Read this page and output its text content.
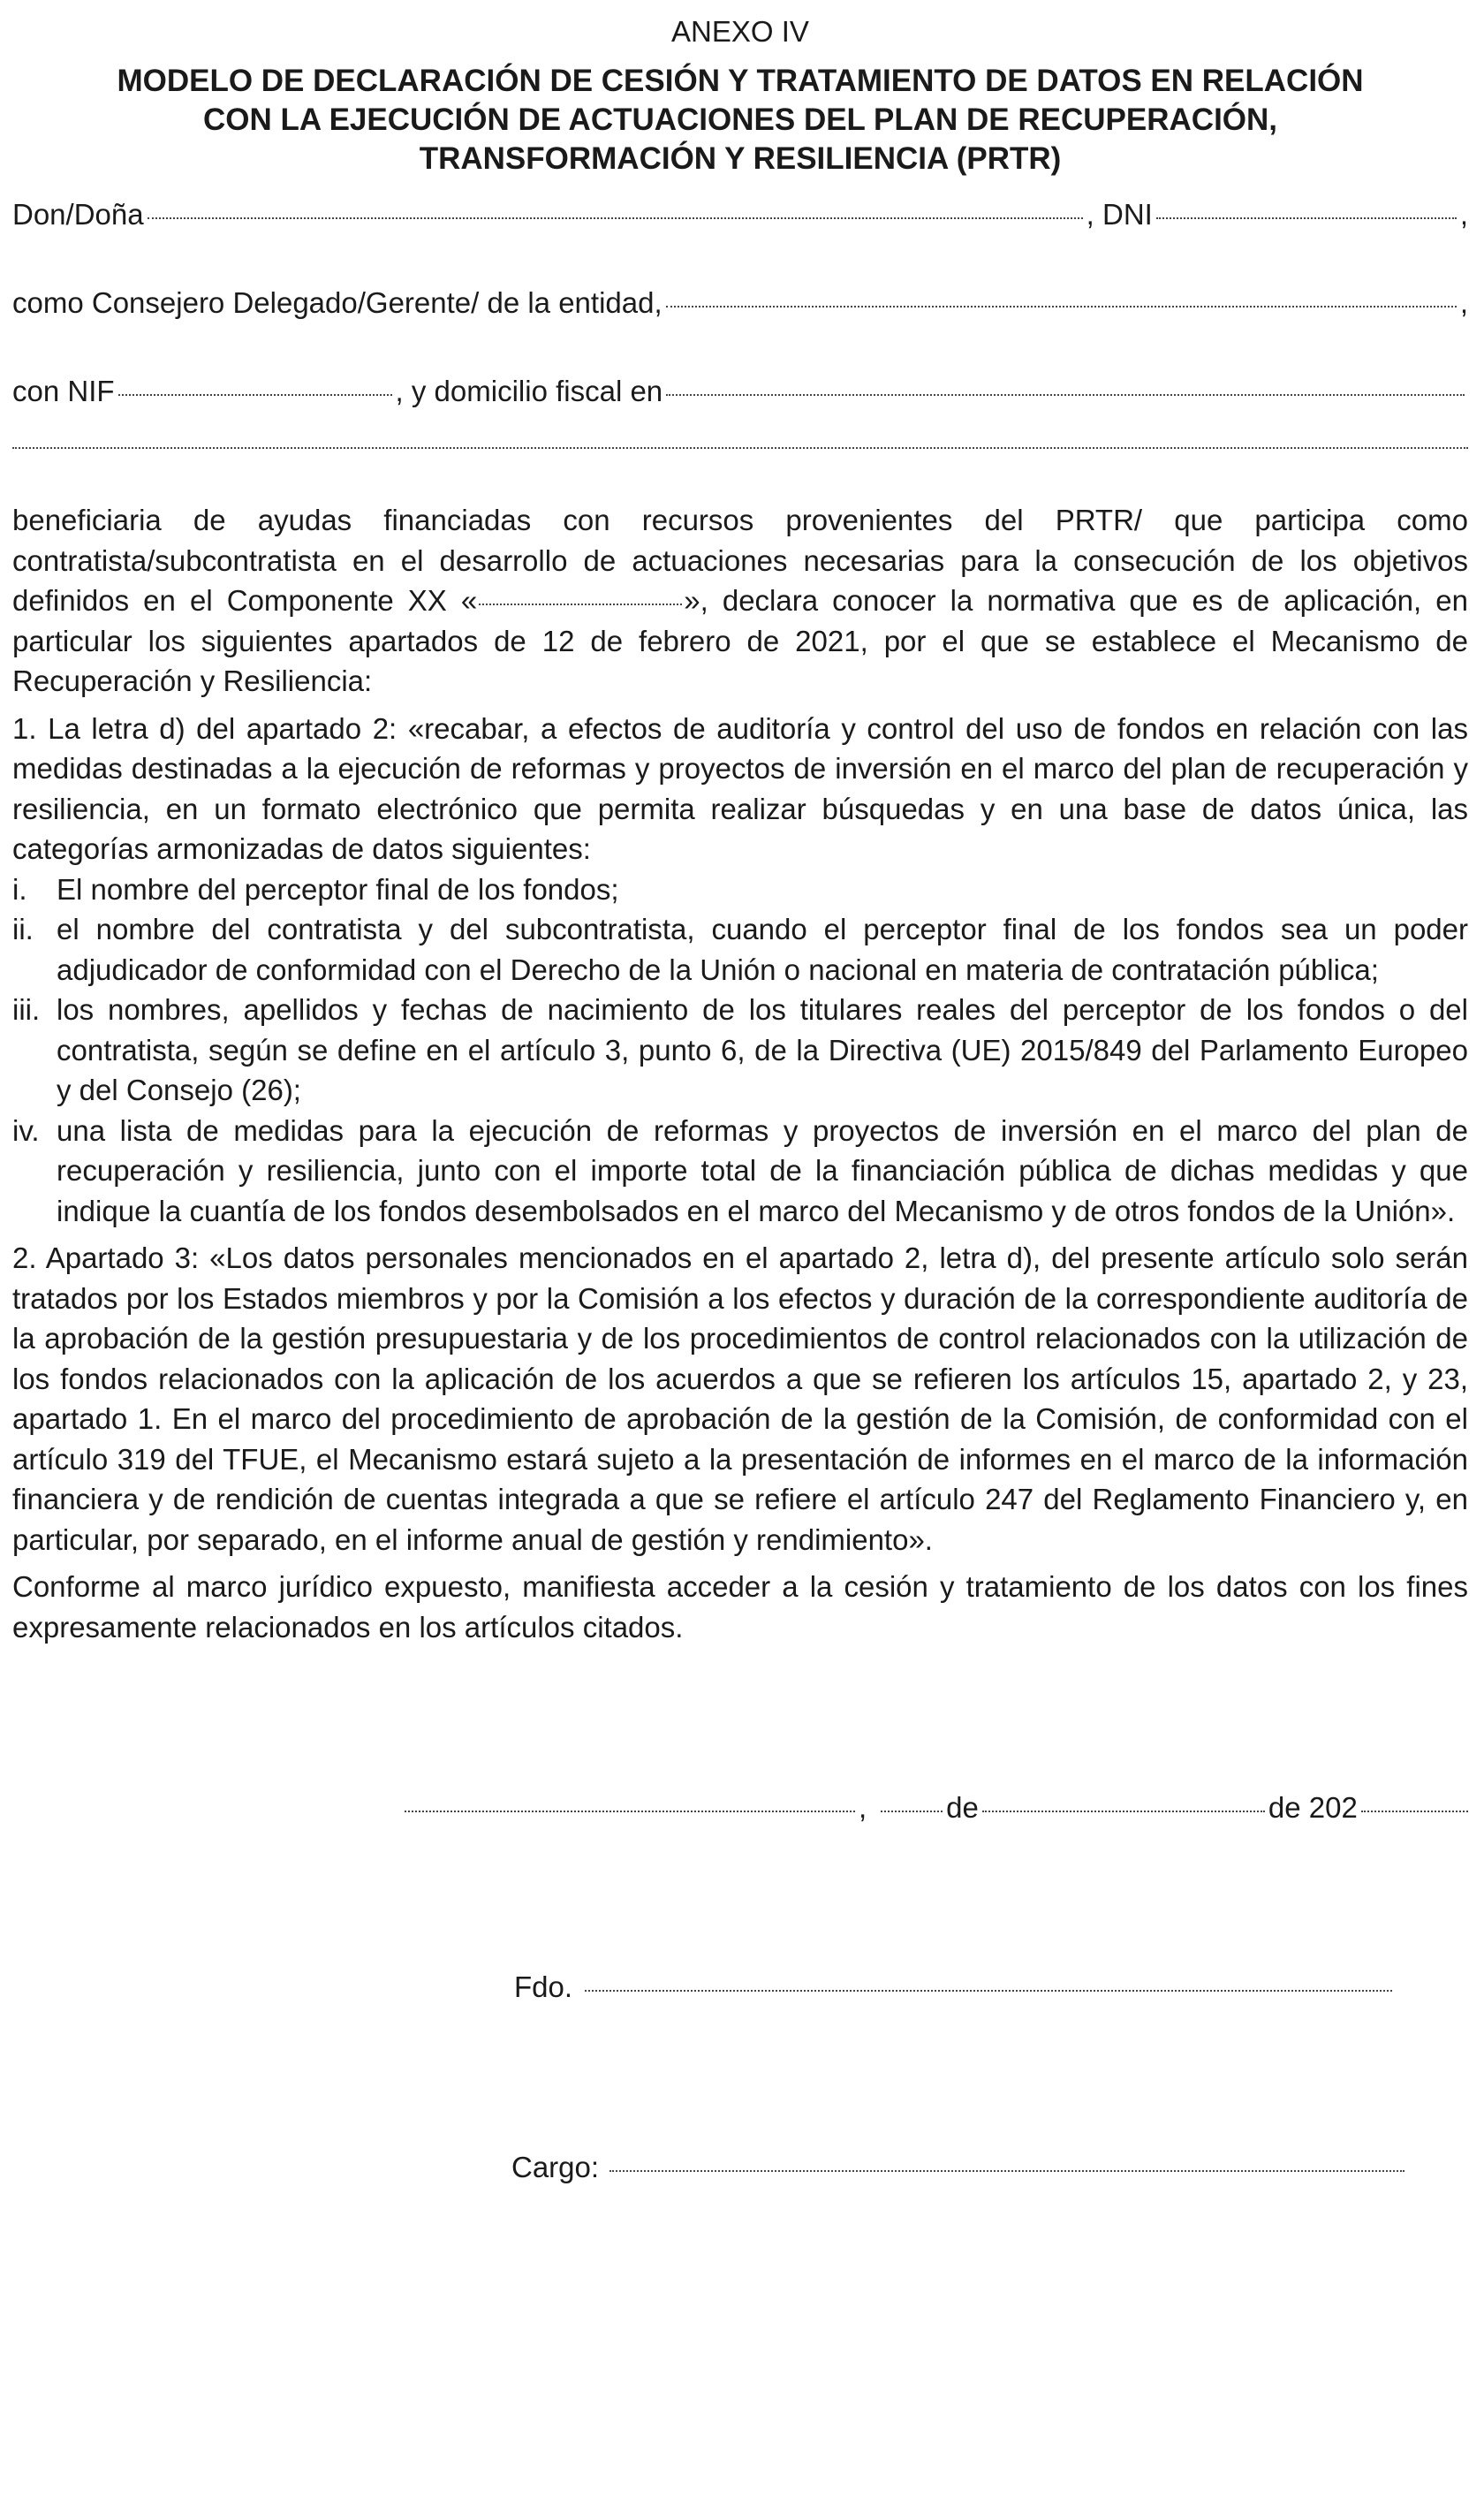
ANEXO IV
MODELO DE DECLARACIÓN DE CESIÓN Y TRATAMIENTO DE DATOS EN RELACIÓN
CON LA EJECUCIÓN DE ACTUACIONES DEL PLAN DE RECUPERACIÓN,
TRANSFORMACIÓN Y RESILIENCIA (PRTR)
Don/Doña	, DNI	,
como Consejero Delegado/Gerente/ de la entidad,	,
con NIF	, y domicilio fiscal en

beneficiaria de ayudas financiadas con recursos provenientes del PRTR/ que participa como contratista/subcontratista en el desarrollo de actuaciones necesarias para la consecución de los objetivos definidos en el Componente XX «	», declara conocer la normativa que es de aplicación, en particular los siguientes apartados de 12 de febrero de 2021, por el que se establece el Mecanismo de Recuperación y Resiliencia:

1. La letra d) del apartado 2: «recabar, a efectos de auditoría y control del uso de fondos en relación con las medidas destinadas a la ejecución de reformas y proyectos de inversión en el marco del plan de recuperación y resiliencia, en un formato electrónico que permita realizar búsquedas y en una base de datos única, las categorías armonizadas de datos siguientes:

i.	El nombre del perceptor final de los fondos;
ii. el nombre del contratista y del subcontratista, cuando el perceptor final de los fondos sea un poder adjudicador de conformidad con el Derecho de la Unión o nacional en materia de contratación pública;
iii. los nombres, apellidos y fechas de nacimiento de los titulares reales del perceptor de los fondos o del contratista, según se define en el artículo 3, punto 6, de la Directiva (UE) 2015/849 del Parlamento Europeo y del Consejo (26);
iv. una lista de medidas para la ejecución de reformas y proyectos de inversión en el marco del plan de recuperación y resiliencia, junto con el importe total de la financiación pública de dichas medidas y que indique la cuantía de los fondos desembolsados en el marco del Mecanismo y de otros fondos de la Unión».

2. Apartado 3: «Los datos personales mencionados en el apartado 2, letra d), del presente artículo solo serán tratados por los Estados miembros y por la Comisión a los efectos y duración de la correspondiente auditoría de la aprobación de la gestión presupuestaria y de los procedimientos de control relacionados con la utilización de los fondos relacionados con la aplicación de los acuerdos a que se refieren los artículos 15, apartado 2, y 23, apartado 1. En el marco del procedimiento de aprobación de la gestión de la Comisión, de conformidad con el artículo 319 del TFUE, el Mecanismo estará sujeto a la presentación de informes en el marco de la información financiera y de rendición de cuentas integrada a que se refiere el artículo 247 del Reglamento Financiero y, en particular, por separado, en el informe anual de gestión y rendimiento».

Conforme al marco jurídico expuesto, manifiesta acceder a la cesión y tratamiento de los datos con los fines expresamente relacionados en los artículos citados.

,	de	de 202
Fdo.
Cargo:
